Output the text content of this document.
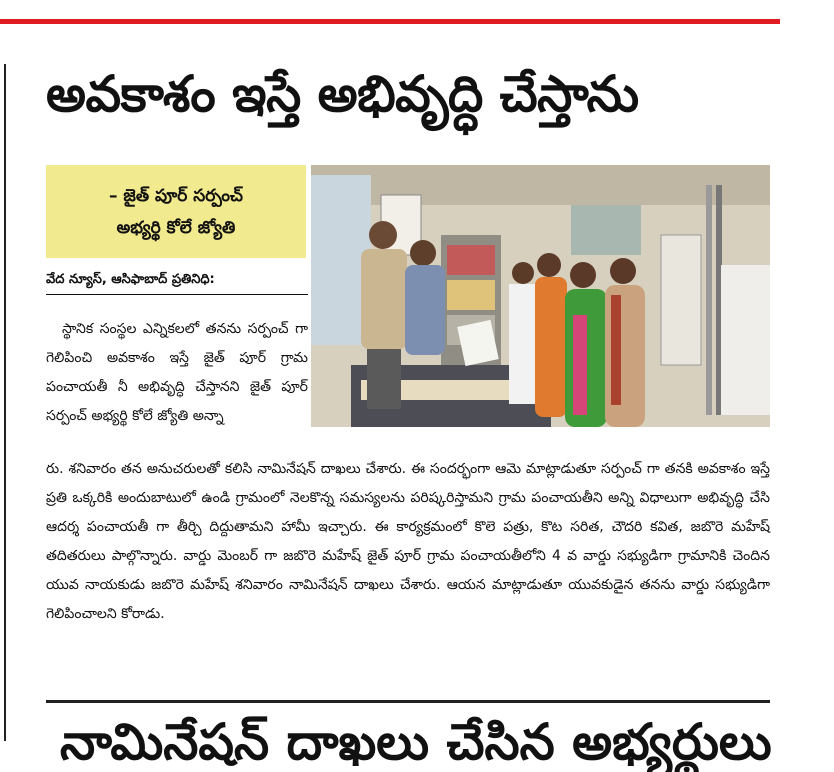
అవకాశం ఇస్తే అభివృద్ధి చేస్తాను
– జైత్ పూర్ సర్పంచ్
అభ్యర్థి కోలే జ్యోతి
వేద న్యూస్, ఆసిఫాబాద్ ప్రతినిధి:
స్థానిక సంస్థల ఎన్నికలలో తనను సర్పంచ్ గా గెలిపించి అవకాశం ఇస్తే జైత్ పూర్ గ్రామ పంచాయతీ నీ అభివృద్ధి చేస్తానని జైత్ పూర్ సర్పంచ్ అభ్యర్థి కోలే జ్యోతి అన్నా
రు. శనివారం తన అనుచరులతో కలిసి నామినేషన్ దాఖలు చేశారు. ఈ సందర్భంగా ఆమె మాట్లాడుతూ సర్పంచ్ గా తనకి అవకాశం ఇస్తే ప్రతి ఒక్కరికి అందుబాటులో ఉండి గ్రామంలో నెలకొన్న సమస్యలను పరిష్కరిస్తామని గ్రామ పంచాయతీని అన్ని విధాలుగా అభివృద్ధి చేసి ఆదర్శ పంచాయతీ గా తీర్చి దిద్దుతామని హామీ ఇచ్చారు. ఈ కార్యక్రమంలో కొలె పత్రు, కొట సరిత, చౌదరి కవిత, జబొరె మహేష్ తదితరులు పాల్గొన్నారు. వార్డు మెంబర్ గా జబొరె మహేష్ జైత్ పూర్ గ్రామ పంచాయతీలోని 4 వ వార్డు సభ్యుడిగా గ్రామానికి చెందిన యువ నాయకుడు జబొరె మహేష్ శనివారం నామినేషన్ దాఖలు చేశారు. ఆయన మాట్లాడుతూ యువకుడైన తనను వార్డు సభ్యుడిగా గెలిపించాలని కోరాడు.
నామినేషన్ దాఖలు చేసిన అభ్యర్థులు
